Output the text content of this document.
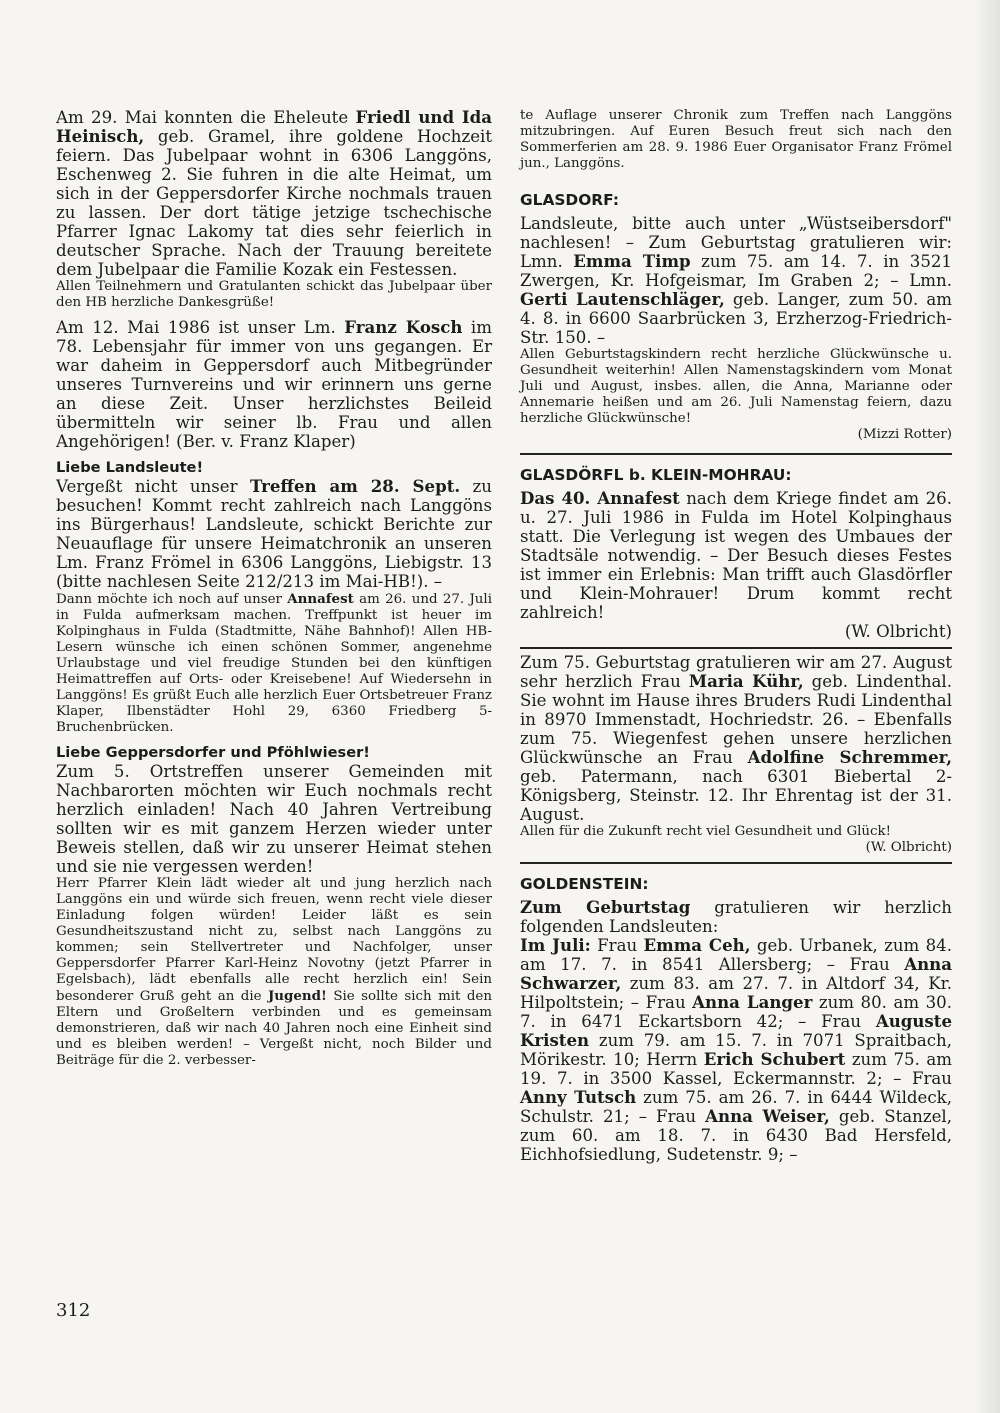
Am 29. Mai konnten die Eheleute Friedl und Ida Heinisch, geb. Gramel, ihre goldene Hochzeit feiern. Das Jubelpaar wohnt in 6306 Langgöns, Eschenweg 2. Sie fuhren in die alte Heimat, um sich in der Geppersdorfer Kirche nochmals trauen zu lassen. Der dort tätige jetzige tschechische Pfarrer Ignac Lakomy tat dies sehr feierlich in deutscher Sprache. Nach der Trauung bereitete dem Jubelpaar die Familie Kozak ein Festessen.

Allen Teilnehmern und Gratulanten schickt das Jubelpaar über den HB herzliche Dankesgrüße!

Am 12. Mai 1986 ist unser Lm. Franz Kosch im 78. Lebensjahr für immer von uns gegangen. Er war daheim in Geppersdorf auch Mitbegründer unseres Turnvereins und wir erinnern uns gerne an diese Zeit. Unser herzlichstes Beileid übermitteln wir seiner lb. Frau und allen Angehörigen! (Ber. v. Franz Klaper)

Liebe Landsleute!

Vergeßt nicht unser Treffen am 28. Sept. zu besuchen! Kommt recht zahlreich nach Langgöns ins Bürgerhaus! Landsleute, schickt Berichte zur Neuauflage für unsere Heimatchronik an unseren Lm. Franz Frömel in 6306 Langgöns, Liebigstr. 13 (bitte nachlesen Seite 212/213 im Mai-HB!). –

Dann möchte ich noch auf unser Annafest am 26. und 27. Juli in Fulda aufmerksam machen. Treffpunkt ist heuer im Kolpinghaus in Fulda (Stadtmitte, Nähe Bahnhof)! Allen HB-Lesern wünsche ich einen schönen Sommer, angenehme Urlaubstage und viel freudige Stunden bei den künftigen Heimattreffen auf Orts- oder Kreisebene! Auf Wiedersehn in Langgöns! Es grüßt Euch alle herzlich Euer Ortsbetreuer Franz Klaper, Ilbenstädter Hohl 29, 6360 Friedberg 5-Bruchenbrücken.

Liebe Geppersdorfer und Pföhlwieser!

Zum 5. Ortstreffen unserer Gemeinden mit Nachbarorten möchten wir Euch nochmals recht herzlich einladen! Nach 40 Jahren Vertreibung sollten wir es mit ganzem Herzen wieder unter Beweis stellen, daß wir zu unserer Heimat stehen und sie nie vergessen werden!

Herr Pfarrer Klein lädt wieder alt und jung herzlich nach Langgöns ein und würde sich freuen, wenn recht viele dieser Einladung folgen würden! Leider läßt es sein Gesundheitszustand nicht zu, selbst nach Langgöns zu kommen; sein Stellvertreter und Nachfolger, unser Geppersdorfer Pfarrer Karl-Heinz Novotny (jetzt Pfarrer in Egelsbach), lädt ebenfalls alle recht herzlich ein! Sein besonderer Gruß geht an die Jugend! Sie sollte sich mit den Eltern und Großeltern verbinden und es gemeinsam demonstrieren, daß wir nach 40 Jahren noch eine Einheit sind und es bleiben werden! – Vergeßt nicht, noch Bilder und Beiträge für die 2. verbesser-

te Auflage unserer Chronik zum Treffen nach Langgöns mitzubringen. Auf Euren Besuch freut sich nach den Sommerferien am 28. 9. 1986 Euer Organisator Franz Frömel jun., Langgöns.

GLASDORF:

Landsleute, bitte auch unter „Wüstseibersdorf" nachlesen! – Zum Geburtstag gratulieren wir: Lmn. Emma Timp zum 75. am 14. 7. in 3521 Zwergen, Kr. Hofgeismar, Im Graben 2; – Lmn. Gerti Lautenschläger, geb. Langer, zum 50. am 4. 8. in 6600 Saarbrücken 3, Erzherzog-Friedrich-Str. 150. –

Allen Geburtstagskindern recht herzliche Glückwünsche u. Gesundheit weiterhin! Allen Namenstagskindern vom Monat Juli und August, insbes. allen, die Anna, Marianne oder Annemarie heißen und am 26. Juli Namenstag feiern, dazu herzliche Glückwünsche!
(Mizzi Rotter)

GLASDÖRFL b. KLEIN-MOHRAU:

Das 40. Annafest nach dem Kriege findet am 26. u. 27. Juli 1986 in Fulda im Hotel Kolpinghaus statt. Die Verlegung ist wegen des Umbaues der Stadtsäle notwendig. – Der Besuch dieses Festes ist immer ein Erlebnis: Man trifft auch Glasdörfler und Klein-Mohrauer! Drum kommt recht zahlreich!

(W. Olbricht)

Zum 75. Geburtstag gratulieren wir am 27. August sehr herzlich Frau Maria Kühr, geb. Lindenthal. Sie wohnt im Hause ihres Bruders Rudi Lindenthal in 8970 Immenstadt, Hochriedstr. 26. – Ebenfalls zum 75. Wiegenfest gehen unsere herzlichen Glückwünsche an Frau Adolfine Schremmer, geb. Patermann, nach 6301 Biebertal 2-Königsberg, Steinstr. 12. Ihr Ehrentag ist der 31. August.

Allen für die Zukunft recht viel Gesundheit und Glück!
(W. Olbricht)

GOLDENSTEIN:

Zum Geburtstag gratulieren wir herzlich folgenden Landsleuten:

Im Juli: Frau Emma Ceh, geb. Urbanek, zum 84. am 17. 7. in 8541 Allersberg; – Frau Anna Schwarzer, zum 83. am 27. 7. in Altdorf 34, Kr. Hilpoltstein; – Frau Anna Langer zum 80. am 30. 7. in 6471 Eckartsborn 42; – Frau Auguste Kristen zum 79. am 15. 7. in 7071 Spraitbach, Mörikestr. 10; Herrn Erich Schubert zum 75. am 19. 7. in 3500 Kassel, Eckermannstr. 2; – Frau Anny Tutsch zum 75. am 26. 7. in 6444 Wildeck, Schulstr. 21; – Frau Anna Weiser, geb. Stanzel, zum 60. am 18. 7. in 6430 Bad Hersfeld, Eichhofsiedlung, Sudetenstr. 9; –

312
